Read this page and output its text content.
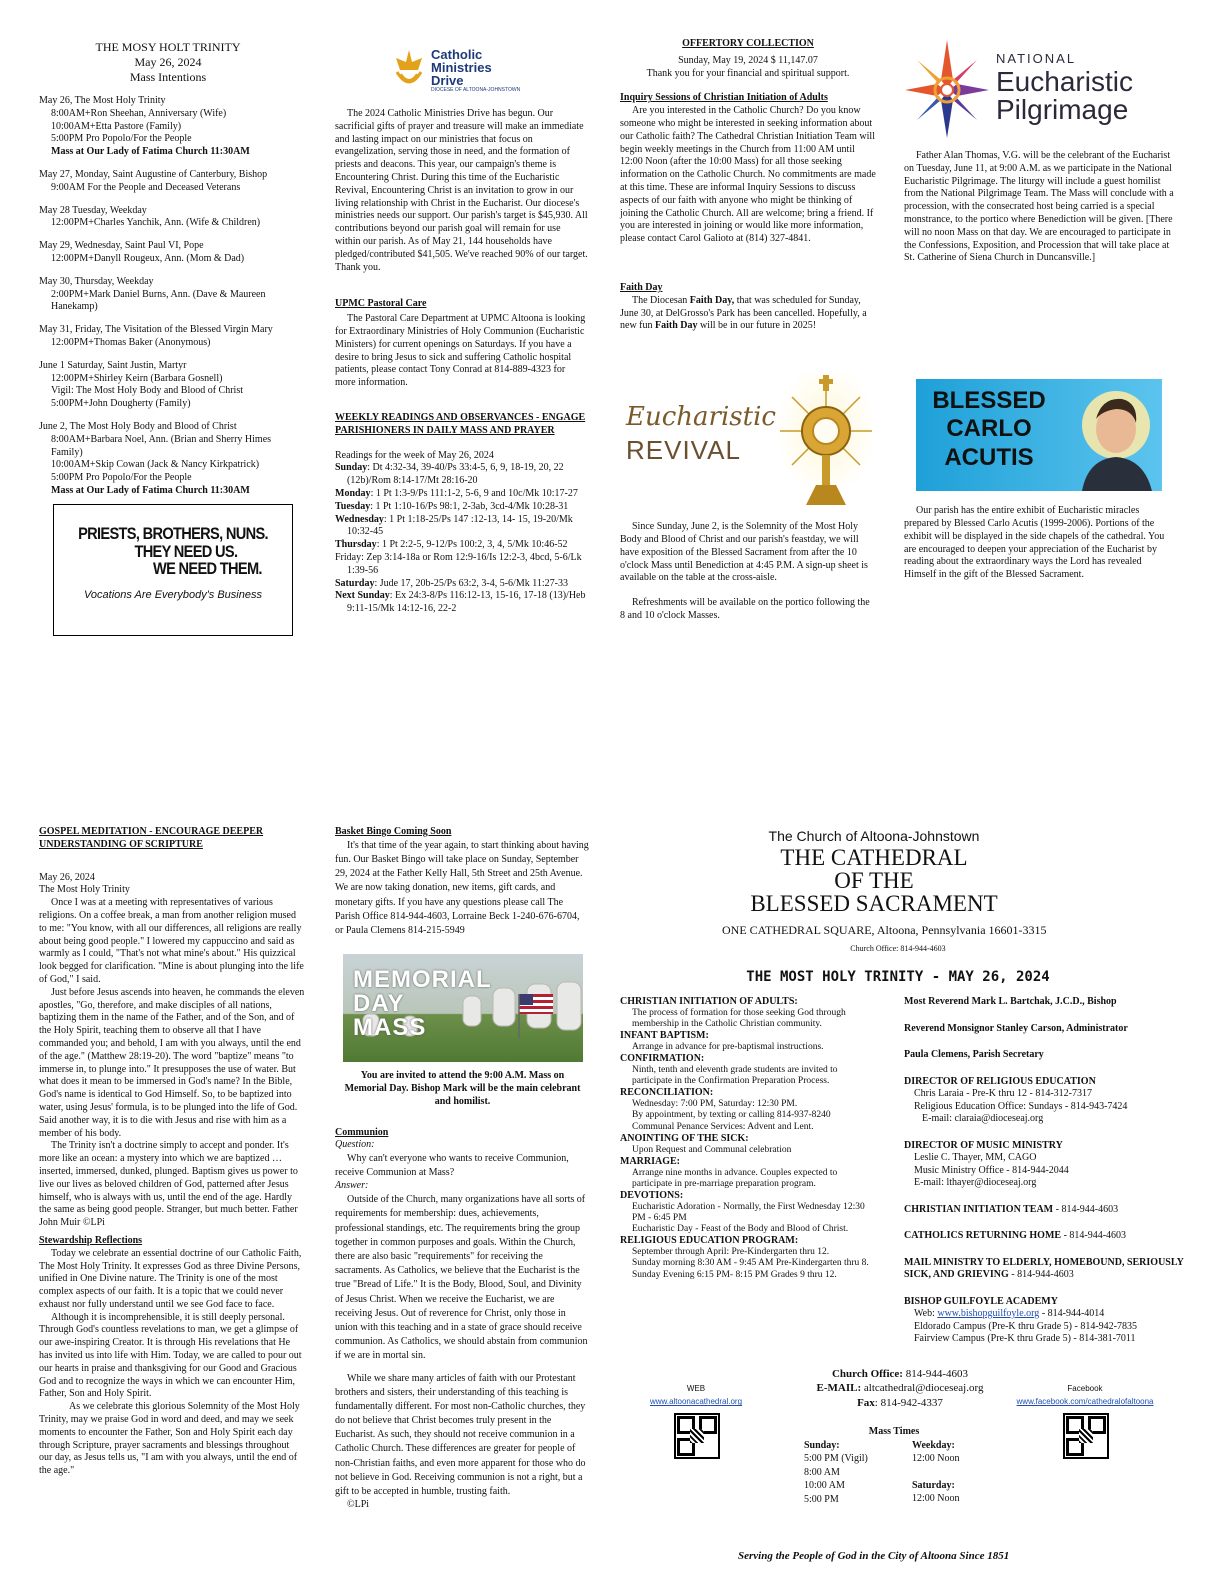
THE MOSY HOLT TRINITY
May 26, 2024
Mass Intentions
May 26, The Most Holy Trinity
8:00AM+Ron Sheehan, Anniversary (Wife)
10:00AM+Etta Pastore (Family)
5:00PM Pro Popolo/For the People
Mass at Our Lady of Fatima Church 11:30AM
May 27, Monday, Saint Augustine of Canterbury, Bishop
9:00AM For the People and Deceased Veterans
May 28 Tuesday, Weekday
12:00PM+Charles Yanchik, Ann. (Wife & Children)
May 29, Wednesday, Saint Paul VI, Pope
12:00PM+Danyll Rougeux, Ann. (Mom & Dad)
May 30, Thursday, Weekday
2:00PM+Mark Daniel Burns, Ann. (Dave & Maureen Hanekamp)
May 31, Friday, The Visitation of the Blessed Virgin Mary
12:00PM+Thomas Baker (Anonymous)
June 1 Saturday, Saint Justin, Martyr
12:00PM+Shirley Keirn (Barbara Gosnell)
Vigil: The Most Holy Body and Blood of Christ
5:00PM+John Dougherty (Family)
June 2, The Most Holy Body and Blood of Christ
8:00AM+Barbara Noel, Ann. (Brian and Sherry Himes Family)
10:00AM+Skip Cowan (Jack & Nancy Kirkpatrick)
5:00PM Pro Popolo/For the People
Mass at Our Lady of Fatima Church 11:30AM
PRIESTS, BROTHERS, NUNS.
THEY NEED US.
WE NEED THEM.
Vocations Are Everybody's Business
Catholic
Ministries
Drive
DIOCESE OF ALTOONA-JOHNSTOWN

The 2024 Catholic Ministries Drive has begun. Our sacrificial gifts of prayer and treasure will make an immediate and lasting impact on our ministries that focus on evangelization, serving those in need, and the formation of priests and deacons. This year, our campaign's theme is Encountering Christ. During this time of the Eucharistic Revival, Encountering Christ is an invitation to grow in our living relationship with Christ in the Eucharist. Our diocese's ministries needs our support. Our parish's target is $45,930. All contributions beyond our parish goal will remain for use within our parish. As of May 21, 144 households have pledged/contributed $41,505. We've reached 90% of our target. Thank you.

UPMC Pastoral Care

The Pastoral Care Department at UPMC Altoona is looking for Extraordinary Ministries of Holy Communion (Eucharistic Ministers) for current openings on Saturdays. If you have a desire to bring Jesus to sick and suffering Catholic hospital patients, please contact Tony Conrad at 814-889-4323 for more information.

WEEKLY READINGS AND OBSERVANCES - ENGAGE PARISHIONERS IN DAILY MASS AND PRAYER
Readings for the week of May 26, 2024
Sunday: Dt 4:32-34, 39-40/Ps 33:4-5, 6, 9, 18-19, 20, 22 (12b)/Rom 8:14-17/Mt 28:16-20
Monday: 1 Pt 1:3-9/Ps 111:1-2, 5-6, 9 and 10c/Mk 10:17-27
Tuesday: 1 Pt 1:10-16/Ps 98:1, 2-3ab, 3cd-4/Mk 10:28-31
Wednesday: 1 Pt 1:18-25/Ps 147 :12-13, 14- 15, 19-20/Mk 10:32-45
Thursday: 1 Pt 2:2-5, 9-12/Ps 100:2, 3, 4, 5/Mk 10:46-52
Friday: Zep 3:14-18a or Rom 12:9-16/Is 12:2-3, 4bcd, 5-6/Lk 1:39-56
Saturday: Jude 17, 20b-25/Ps 63:2, 3-4, 5-6/Mk 11:27-33
Next Sunday: Ex 24:3-8/Ps 116:12-13, 15-16, 17-18 (13)/Heb 9:11-15/Mk 14:12-16, 22-2
OFFERTORY COLLECTION
Sunday, May 19, 2024 $ 11,147.07
Thank you for your financial and spiritual support.
Inquiry Sessions of Christian Initiation of Adults

Are you interested in the Catholic Church? Do you know someone who might be interested in seeking information about our Catholic faith? The Cathedral Christian Initiation Team will begin weekly meetings in the Church from 11:00 AM until 12:00 Noon (after the 10:00 Mass) for all those seeking information on the Catholic Church. No commitments are made at this time. These are informal Inquiry Sessions to discuss aspects of our faith with anyone who might be thinking of joining the Catholic Church. All are welcome; bring a friend. If you are interested in joining or would like more information, please contact Carol Galioto at (814) 327-4841.

Faith Day

The Diocesan Faith Day, that was scheduled for Sunday, June 30, at DelGrosso's Park has been cancelled. Hopefully, a new fun Faith Day will be in our future in 2025!

Eucharistic
REVIVAL

Since Sunday, June 2, is the Solemnity of the Most Holy Body and Blood of Christ and our parish's feastday, we will have exposition of the Blessed Sacrament from after the 10 o'clock Mass until Benediction at 4:45 P.M. A sign-up sheet is available on the table at the cross-aisle.

Refreshments will be available on the portico following the 8 and 10 o'clock Masses.

NATIONAL
Eucharistic
Pilgrimage

Father Alan Thomas, V.G. will be the celebrant of the Eucharist on Tuesday, June 11, at 9:00 A.M. as we participate in the National Eucharistic Pilgrimage. The liturgy will include a guest homilist from the National Pilgrimage Team. The Mass will conclude with a procession, with the consecrated host being carried is a special monstrance, to the portico where Benediction will be given. [There will no noon Mass on that day. We are encouraged to participate in the Confessions, Exposition, and Procession that will take place at St. Catherine of Siena Church in Duncansville.]

BLESSED
CARLO
ACUTIS

Our parish has the entire exhibit of Eucharistic miracles prepared by Blessed Carlo Acutis (1999-2006). Portions of the exhibit will be displayed in the side chapels of the cathedral. You are encouraged to deepen your appreciation of the Eucharist by reading about the extraordinary ways the Lord has revealed Himself in the gift of the Blessed Sacrament.

GOSPEL MEDITATION - ENCOURAGE DEEPER UNDERSTANDING OF SCRIPTURE
May 26, 2024
The Most Holy Trinity

Once I was at a meeting with representatives of various religions. On a coffee break, a man from another religion mused to me: "You know, with all our differences, all religions are really about being good people." I lowered my cappuccino and said as warmly as I could, "That's not what mine's about." His quizzical look begged for clarification. "Mine is about plunging into the life of God," I said.

Just before Jesus ascends into heaven, he commands the eleven apostles, "Go, therefore, and make disciples of all nations, baptizing them in the name of the Father, and of the Son, and of the Holy Spirit, teaching them to observe all that I have commanded you; and behold, I am with you always, until the end of the age." (Matthew 28:19-20). The word "baptize" means "to immerse in, to plunge into." It presupposes the use of water. But what does it mean to be immersed in God's name? In the Bible, God's name is identical to God Himself. So, to be baptized into water, using Jesus' formula, is to be plunged into the life of God. Said another way, it is to die with Jesus and rise with him as a member of his body.

The Trinity isn't a doctrine simply to accept and ponder. It's more like an ocean: a mystery into which we are baptized … inserted, immersed, dunked, plunged. Baptism gives us power to live our lives as beloved children of God, patterned after Jesus himself, who is always with us, until the end of the age. Hardly the same as being good people. Stranger, but much better. Father John Muir ©LPi

Stewardship Reflections

Today we celebrate an essential doctrine of our Catholic Faith, The Most Holy Trinity. It expresses God as three Divine Persons, unified in One Divine nature. The Trinity is one of the most complex aspects of our faith. It is a topic that we could never exhaust nor fully understand until we see God face to face.

Although it is incomprehensible, it is still deeply personal. Through God's countless revelations to man, we get a glimpse of our awe-inspiring Creator. It is through His revelations that He has invited us into life with Him. Today, we are called to pour out our hearts in praise and thanksgiving for our Good and Gracious God and to recognize the ways in which we can encounter Him, Father, Son and Holy Spirit.

As we celebrate this glorious Solemnity of the Most Holy Trinity, may we praise God in word and deed, and may we seek moments to encounter the Father, Son and Holy Spirit each day through Scripture, prayer sacraments and blessings throughout our day, as Jesus tells us, "I am with you always, until the end of the age."

Basket Bingo Coming Soon

It's that time of the year again, to start thinking about having fun. Our Basket Bingo will take place on Sunday, September 29, 2024 at the Father Kelly Hall, 5th Street and 25th Avenue. We are now taking donation, new items, gift cards, and monetary gifts. If you have any questions please call The Parish Office 814-944-4603, Lorraine Beck 1-240-676-6704, or Paula Clemens 814-215-5949

MEMORIAL
DAY
MASS
You are invited to attend the 9:00 A.M. Mass on Memorial Day. Bishop Mark will be the main celebrant and homilist.
Communion
Question:

Why can't everyone who wants to receive Communion, receive Communion at Mass?

Answer:

Outside of the Church, many organizations have all sorts of requirements for membership: dues, achievements, professional standings, etc. The requirements bring the group together in common purposes and goals. Within the Church, there are also basic "requirements" for receiving the sacraments. As Catholics, we believe that the Eucharist is the true "Bread of Life." It is the Body, Blood, Soul, and Divinity of Jesus Christ. When we receive the Eucharist, we are receiving Jesus. Out of reverence for Christ, only those in union with this teaching and in a state of grace should receive communion. As Catholics, we should abstain from communion if we are in mortal sin.

While we share many articles of faith with our Protestant brothers and sisters, their understanding of this teaching is fundamentally different. For most non-Catholic churches, they do not believe that Christ becomes truly present in the Eucharist. As such, they should not receive communion in a Catholic Church. These differences are greater for people of non-Christian faiths, and even more apparent for those who do not believe in God. Receiving communion is not a right, but a gift to be accepted in humble, trusting faith.

©LPi
The Church of Altoona-Johnstown
THE CATHEDRAL
OF THE
BLESSED SACRAMENT
ONE CATHEDRAL SQUARE, Altoona, Pennsylvania 16601-3315
Church Office: 814-944-4603
THE MOST HOLY TRINITY - MAY 26, 2024
CHRISTIAN INITIATION OF ADULTS:
The process of formation for those seeking God through membership in the Catholic Christian community.
INFANT BAPTISM:
Arrange in advance for pre-baptismal instructions.
CONFIRMATION:
Ninth, tenth and eleventh grade students are invited to participate in the Confirmation Preparation Process.
RECONCILIATION:
Wednesday: 7:00 PM, Saturday: 12:30 PM.
By appointment, by texting or calling 814-937-8240
Communal Penance Services: Advent and Lent.
ANOINTING OF THE SICK:
Upon Request and Communal celebration
MARRIAGE:
Arrange nine months in advance. Couples expected to participate in pre-marriage preparation program.
DEVOTIONS:
Eucharistic Adoration - Normally, the First Wednesday 12:30 PM - 6:45 PM
Eucharistic Day - Feast of the Body and Blood of Christ.
RELIGIOUS EDUCATION PROGRAM:
September through April: Pre-Kindergarten thru 12.
Sunday morning 8:30 AM - 9:45 AM Pre-Kindergarten thru 8.
Sunday Evening 6:15 PM- 8:15 PM Grades 9 thru 12.
Most Reverend Mark L. Bartchak, J.C.D., Bishop
Reverend Monsignor Stanley Carson, Administrator
Paula Clemens, Parish Secretary
DIRECTOR OF RELIGIOUS EDUCATION
Chris Laraia - Pre-K thru 12 - 814-312-7317
Religious Education Office: Sundays - 814-943-7424
E-mail: claraia@dioceseaj.org
DIRECTOR OF MUSIC MINISTRY
Leslie C. Thayer, MM, CAGO
Music Ministry Office - 814-944-2044
E-mail: lthayer@dioceseaj.org
CHRISTIAN INITIATION TEAM - 814-944-4603
CATHOLICS RETURNING HOME - 814-944-4603
MAIL MINISTRY TO ELDERLY, HOMEBOUND, SERIOUSLY SICK, AND GRIEVING - 814-944-4603
BISHOP GUILFOYLE ACADEMY
Web: www.bishopguilfoyle.org - 814-944-4014
Eldorado Campus (Pre-K thru Grade 5) - 814-942-7835
Fairview Campus (Pre-K thru Grade 5) - 814-381-7011
Church Office: 814-944-4603
E-MAIL: altcathedral@dioceseaj.org
Fax: 814-942-4337
WEB
www.altoonacathedral.org
Facebook
www.facebook.com/cathedralofaltoona
Mass Times
Sunday:
5:00 PM (Vigil)
8:00 AM
10:00 AM
5:00 PM
Weekday:
12:00 Noon
Saturday:
12:00 Noon
Serving the People of God in the City of Altoona Since 1851
